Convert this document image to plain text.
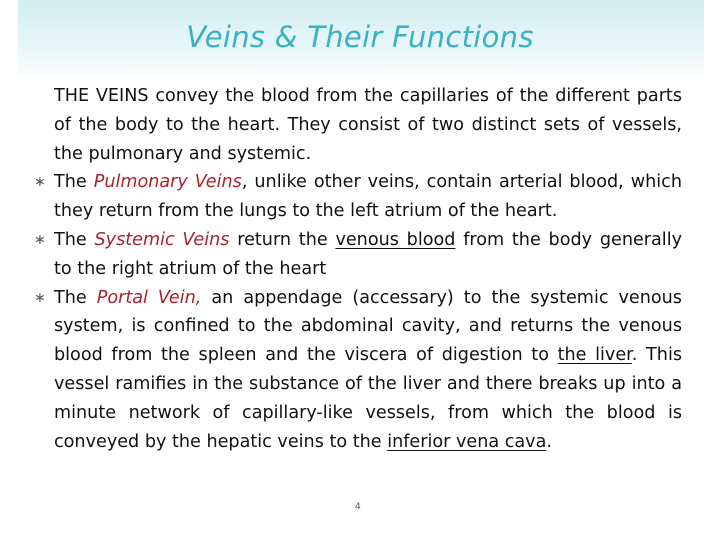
Veins & Their Functions

THE VEINS convey the blood from the capillaries of the different parts of the body to the heart. They consist of two distinct sets of vessels, the pulmonary and systemic.

∗ The Pulmonary Veins, unlike other veins, contain arterial blood, which they return from the lungs to the left atrium of the heart.

∗ The Systemic Veins return the venous blood from the body generally to the right atrium of the heart

∗ The Portal Vein, an appendage (accessary) to the systemic venous system, is confined to the abdominal cavity, and returns the venous blood from the spleen and the viscera of digestion to the liver. This vessel ramifies in the substance of the liver and there breaks up into a minute network of capillary-like vessels, from which the blood is conveyed by the hepatic veins to the inferior vena cava.

4
